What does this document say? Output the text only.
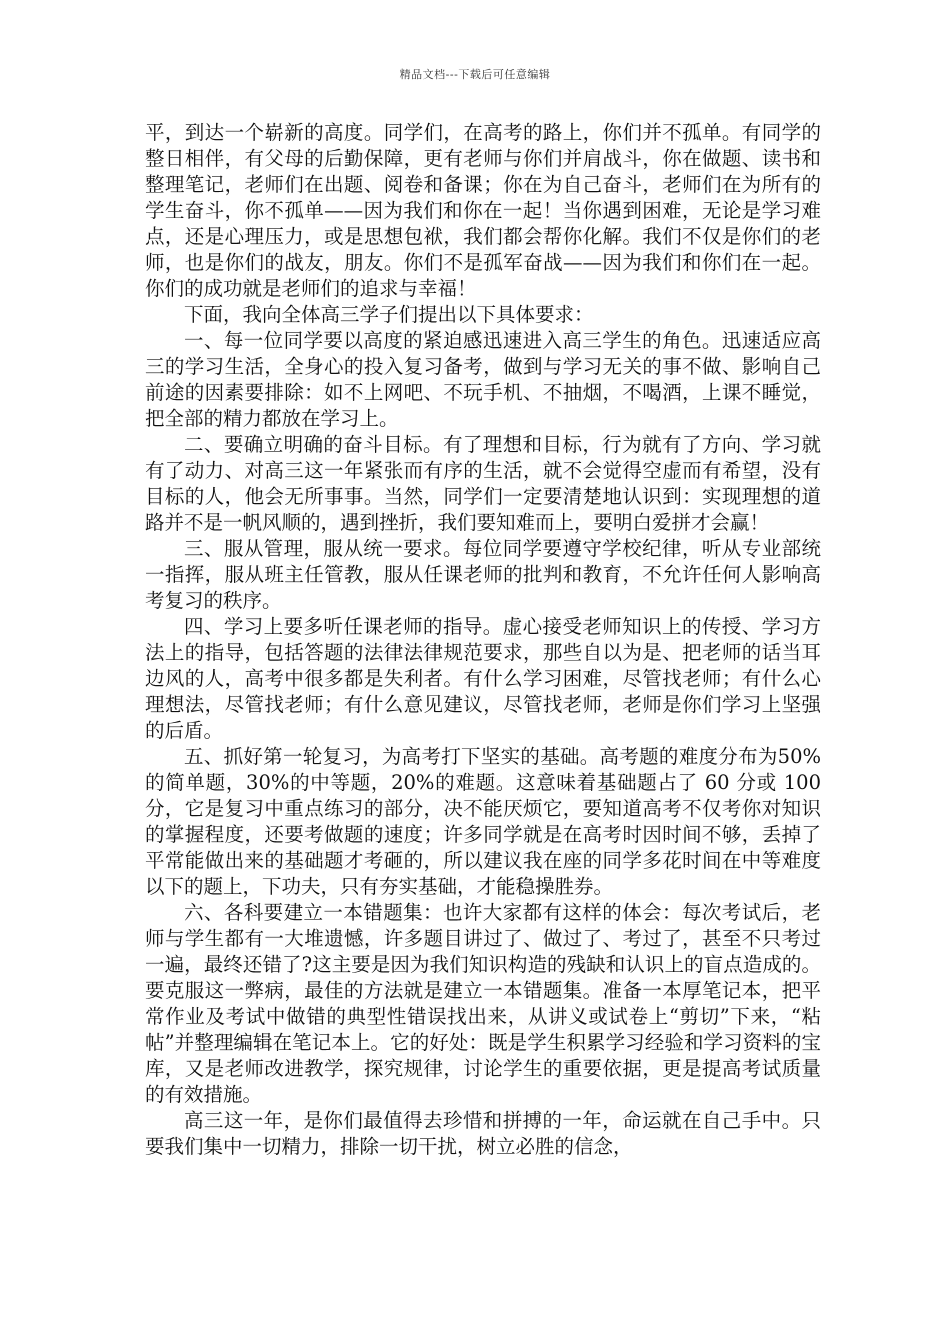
精品文档---下载后可任意编辑

平，到达一个崭新的高度。同学们，在高考的路上，你们并不孤单。有同学的整日相伴，有父母的后勤保障，更有老师与你们并肩战斗，你在做题、读书和整理笔记，老师们在出题、阅卷和备课；你在为自己奋斗，老师们在为所有的学生奋斗，你不孤单——因为我们和你在一起！当你遇到困难，无论是学习难点，还是心理压力，或是思想包袱，我们都会帮你化解。我们不仅是你们的老师，也是你们的战友，朋友。你们不是孤军奋战——因为我们和你们在一起。你们的成功就是老师们的追求与幸福！

下面，我向全体高三学子们提出以下具体要求：

一、每一位同学要以高度的紧迫感迅速进入高三学生的角色。迅速适应高三的学习生活，全身心的投入复习备考，做到与学习无关的事不做、影响自己前途的因素要排除：如不上网吧、不玩手机、不抽烟，不喝酒，上课不睡觉，把全部的精力都放在学习上。

二、要确立明确的奋斗目标。有了理想和目标，行为就有了方向、学习就有了动力、对高三这一年紧张而有序的生活，就不会觉得空虚而有希望，没有目标的人，他会无所事事。当然，同学们一定要清楚地认识到：实现理想的道路并不是一帆风顺的，遇到挫折，我们要知难而上，要明白爱拼才会赢！

三、服从管理，服从统一要求。每位同学要遵守学校纪律，听从专业部统一指挥，服从班主任管教，服从任课老师的批判和教育，不允许任何人影响高考复习的秩序。

四、学习上要多听任课老师的指导。虚心接受老师知识上的传授、学习方法上的指导，包括答题的法律法律规范要求，那些自以为是、把老师的话当耳边风的人，高考中很多都是失利者。有什么学习困难，尽管找老师；有什么心理想法，尽管找老师；有什么意见建议，尽管找老师，老师是你们学习上坚强的后盾。

五、抓好第一轮复习，为高考打下坚实的基础。高考题的难度分布为50%的简单题，30%的中等题，20%的难题。这意味着基础题占了 60 分或 100 分，它是复习中重点练习的部分，决不能厌烦它，要知道高考不仅考你对知识的掌握程度，还要考做题的速度；许多同学就是在高考时因时间不够，丢掉了平常能做出来的基础题才考砸的，所以建议我在座的同学多花时间在中等难度以下的题上，下功夫，只有夯实基础，才能稳操胜券。

六、各科要建立一本错题集：也许大家都有这样的体会：每次考试后，老师与学生都有一大堆遗憾，许多题目讲过了、做过了、考过了，甚至不只考过一遍，最终还错了?这主要是因为我们知识构造的残缺和认识上的盲点造成的。要克服这一弊病，最佳的方法就是建立一本错题集。准备一本厚笔记本，把平常作业及考试中做错的典型性错误找出来，从讲义或试卷上“剪切”下来，“粘帖”并整理编辑在笔记本上。它的好处：既是学生积累学习经验和学习资料的宝库，又是老师改进教学，探究规律，讨论学生的重要依据，更是提高考试质量的有效措施。

高三这一年，是你们最值得去珍惜和拼搏的一年，命运就在自己手中。只要我们集中一切精力，排除一切干扰，树立必胜的信念，
